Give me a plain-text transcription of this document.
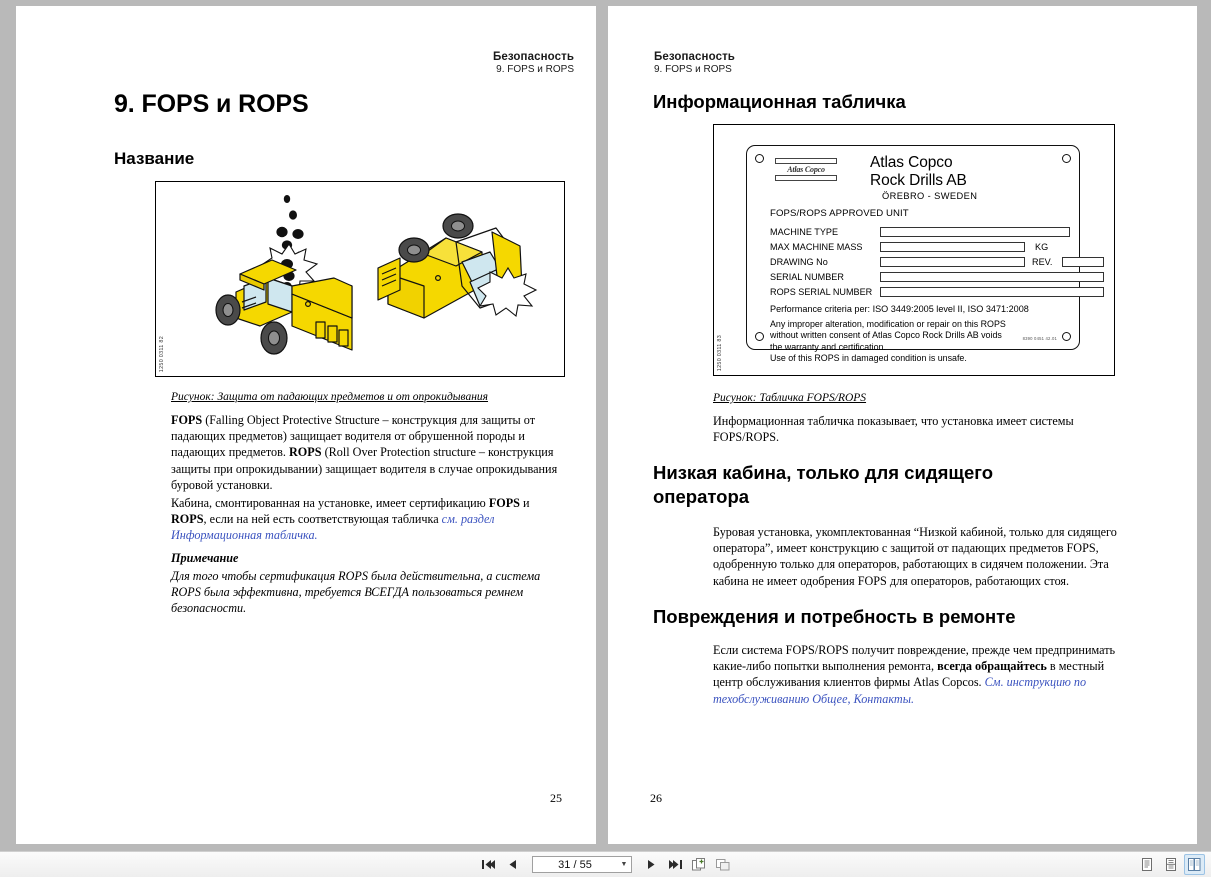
Безопасность
9. FOPS и ROPS
9. FOPS и ROPS
Название
1250 0311 82
Рисунок: Защита от падающих предметов и от опрокидывания
FOPS (Falling Object Protective Structure – конструкция для защиты от падающих предметов) защищает водителя от обрушенной породы и падающих предметов. ROPS (Roll Over Protection structure – конструкция защиты при опрокидывании) защищает водителя в случае опрокидывания буровой установки.
Кабина, смонтированная на установке, имеет сертификацию FOPS и ROPS, если на ней есть соответствующая табличка см. раздел Информационная табличка.
Примечание
Для того чтобы сертификация ROPS была действительна, а система ROPS была эффективна, требуется ВСЕГДА пользоваться ремнем безопасности.
25
Безопасность
9. FOPS и ROPS
Информационная табличка
1250 0311 83
Atlas Copco	Atlas Copco
Rock Drills AB
ÖREBRO - SWEDEN
FOPS/ROPS APPROVED UNIT
MACHINE TYPE
MAX MACHINE MASS	KG
DRAWING No	REV.
SERIAL NUMBER
ROPS SERIAL NUMBER
Performance criteria per: ISO 3449:2005 level II, ISO 3471:2008
Any improper alteration, modification or repair on this ROPS
without written consent of Atlas Copco Rock Drills AB voids
the warranty and certification.
Use of this ROPS in damaged condition is unsafe.
8390 0451 42.01
Рисунок: Табличка FOPS/ROPS
Информационная табличка показывает, что установка имеет системы FOPS/ROPS.
Низкая кабина, только для сидящего оператора
Буровая установка, укомплектованная “Низкой кабиной, только для сидящего оператора”, имеет конструкцию с защитой от падающих предметов FOPS, одобренную только для операторов, работающих в сидячем положении. Эта кабина не имеет одобрения FOPS для операторов, работающих стоя.
Повреждения и потребность в ремонте
Если система FOPS/ROPS получит повреждение, прежде чем предпринимать какие-либо попытки выполнения ремонта, всегда обращайтесь в местный центр обслуживания клиентов фирмы Atlas Copcos. См. инструкцию по техобслуживанию Общее, Контакты.
26
31 / 55	▼
